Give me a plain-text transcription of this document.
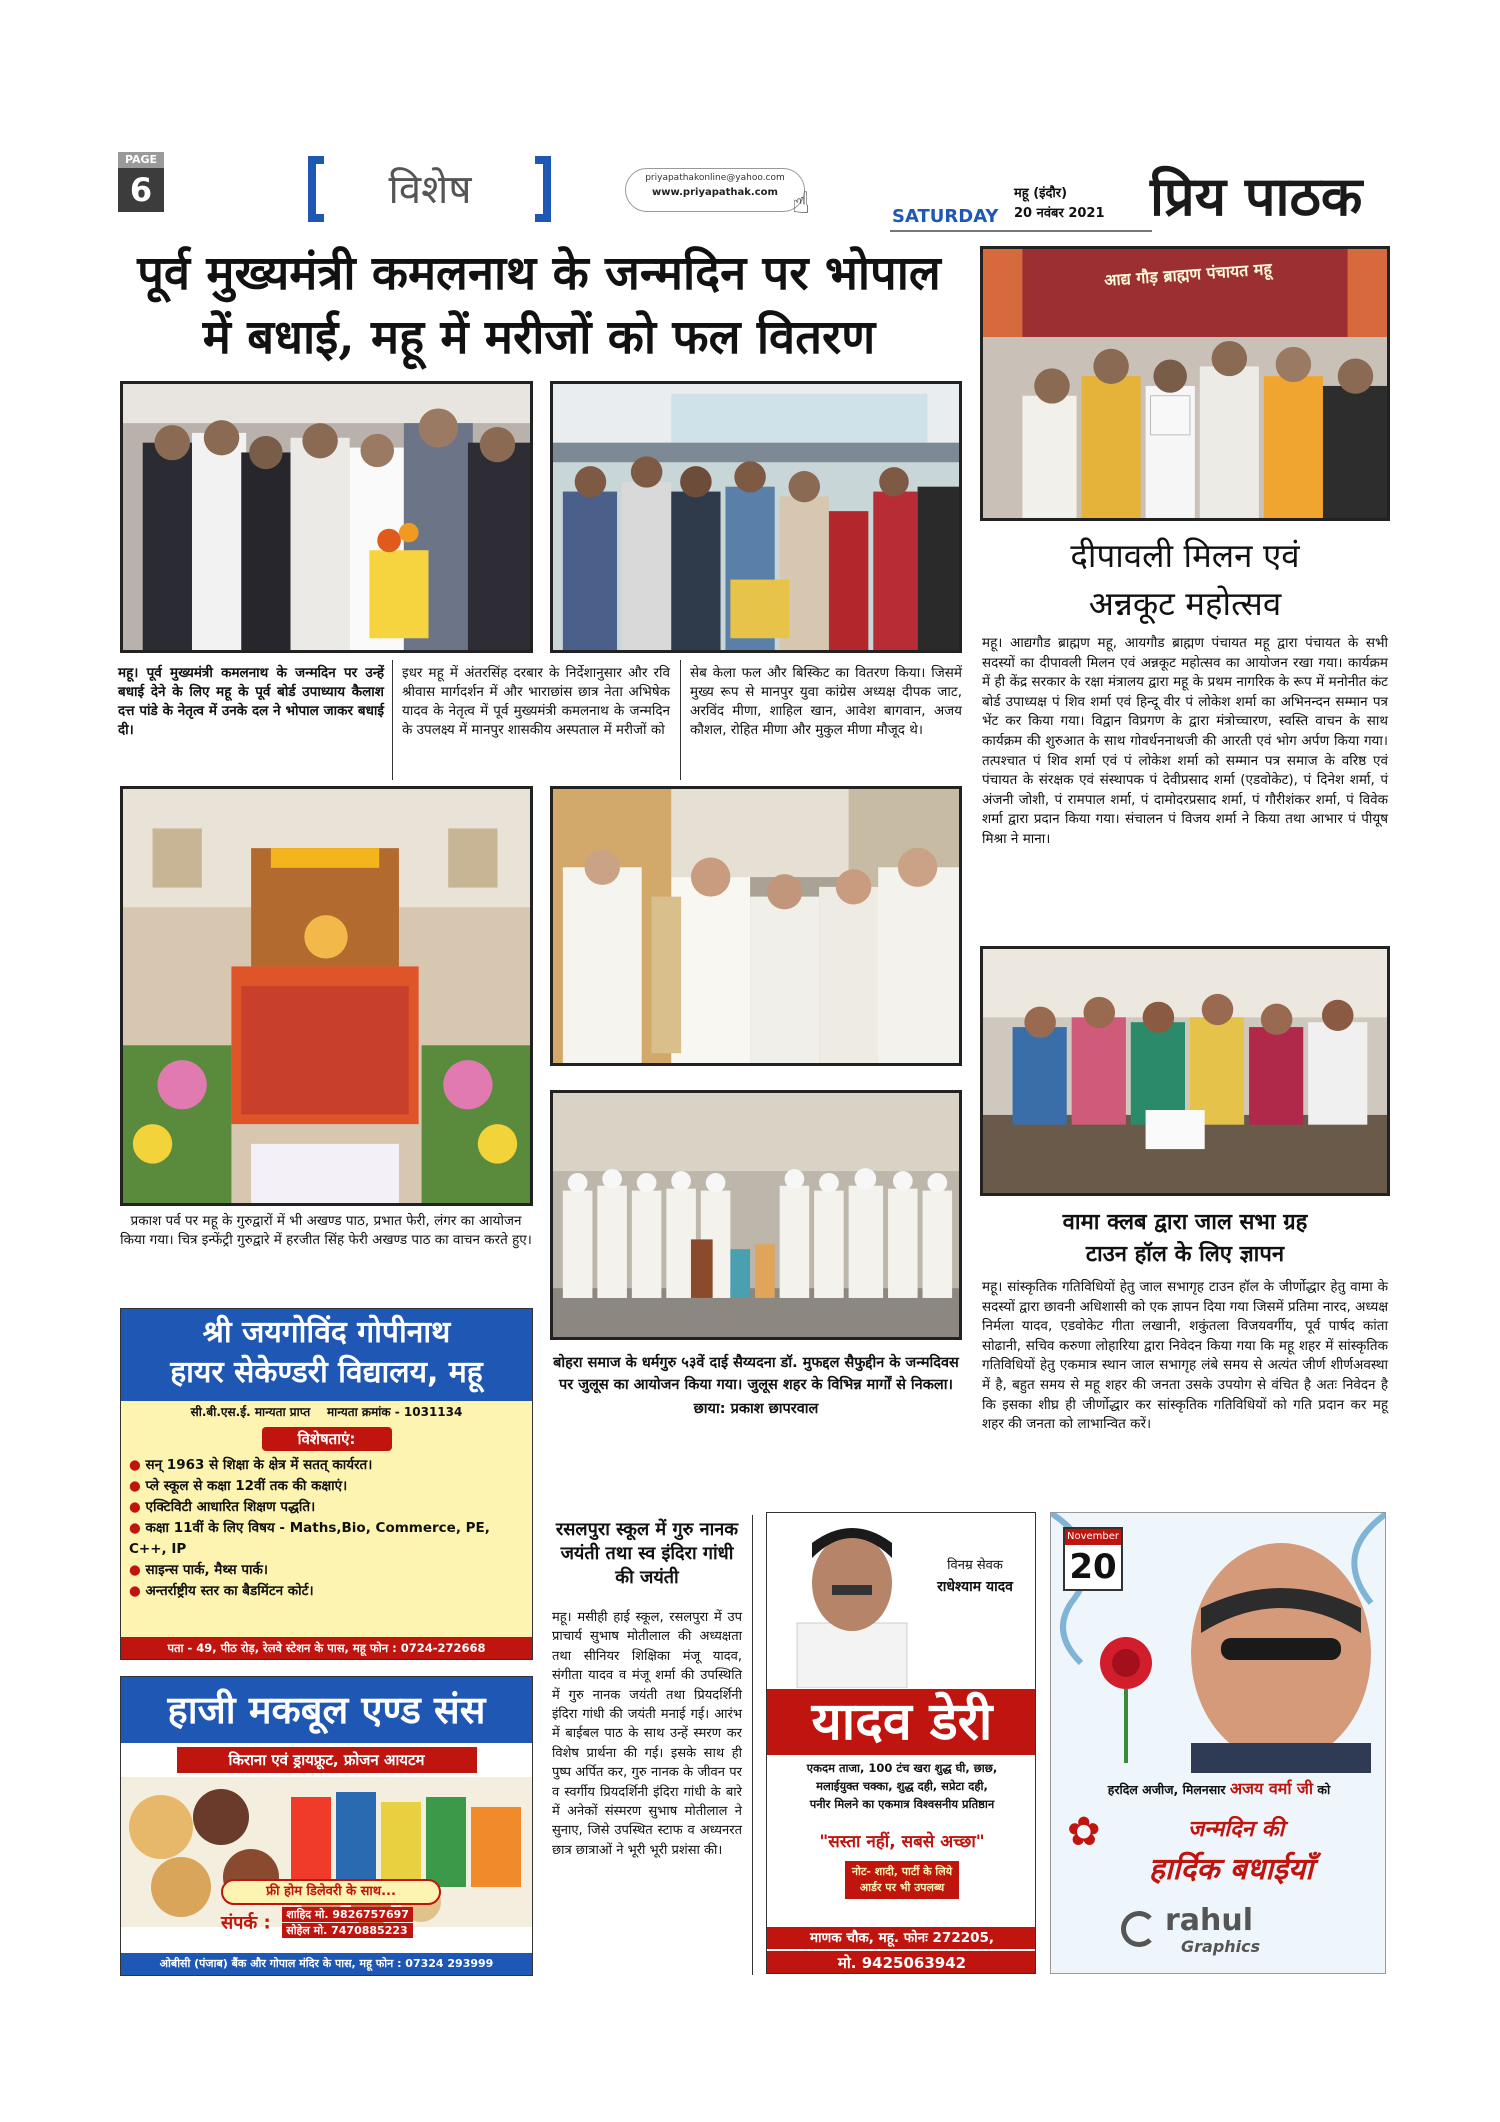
PAGE
6	विशेष	priyapathakonline@yahoo.com
www.priyapathak.com ☝	SATURDAY
महू (इंदौर)
20 नवंबर 2021 प्रिय पाठक
पूर्व मुख्यमंत्री कमलनाथ के जन्मदिन पर भोपाल
में बधाई, महू में मरीजों को फल वितरण
महू। पूर्व मुख्यमंत्री कमलनाथ के जन्मदिन पर उन्हें बधाई देने के लिए महू के पूर्व बोर्ड उपाध्याय कैलाश दत्त पांडे के नेतृत्व में उनके दल ने भोपाल जाकर बधाई दी।
इधर महू में अंतरसिंह दरबार के निर्देशानुसार और रवि श्रीवास मार्गदर्शन में और भाराछांस छात्र नेता अभिषेक यादव के नेतृत्व में पूर्व मुख्यमंत्री कमलनाथ के जन्मदिन के उपलक्ष्य में मानपुर शासकीय अस्पताल में मरीजों को
सेब केला फल और बिस्किट का वितरण किया। जिसमें मुख्य रूप से मानपुर युवा कांग्रेस अध्यक्ष दीपक जाट, अरविंद मीणा, शाहिल खान, आवेश बागवान, अजय कौशल, रोहित मीणा और मुकुल मीणा मौजूद थे।
आद्य गौड़ ब्राह्मण पंचायत महू
दीपावली मिलन एवं
अन्नकूट महोत्सव
महू। आद्यगौड ब्राह्मण महू, आयगौड ब्राह्मण पंचायत महू द्वारा पंचायत के सभी सदस्यों का दीपावली मिलन एवं अन्नकूट महोत्सव का आयोजन रखा गया। कार्यक्रम में ही केंद्र सरकार के रक्षा मंत्रालय द्वारा महू के प्रथम नागरिक के रूप में मनोनीत कंट बोर्ड उपाध्यक्ष पं शिव शर्मा एवं हिन्दू वीर पं लोकेश शर्मा का अभिनन्दन सम्मान पत्र भेंट कर किया गया। विद्वान विप्रगण के द्वारा मंत्रोच्चारण, स्वस्ति वाचन के साथ कार्यक्रम की शुरुआत के साथ गोवर्धननाथजी की आरती एवं भोग अर्पण किया गया। तत्पश्चात पं शिव शर्मा एवं पं लोकेश शर्मा को सम्मान पत्र समाज के वरिष्ठ एवं पंचायत के संरक्षक एवं संस्थापक पं देवीप्रसाद शर्मा (एडवोकेट), पं दिनेश शर्मा, पं अंजनी जोशी, पं रामपाल शर्मा, पं दामोदरप्रसाद शर्मा, पं गौरीशंकर शर्मा, पं विवेक शर्मा द्वारा प्रदान किया गया। संचालन पं विजय शर्मा ने किया तथा आभार पं पीयूष मिश्रा ने माना।
प्रकाश पर्व पर महू के गुरुद्वारों में भी अखण्ड पाठ, प्रभात फेरी, लंगर का आयोजन किया गया। चित्र इन्फेंट्री गुरुद्वारे में हरजीत सिंह फेरी अखण्ड पाठ का वाचन करते हुए।
बोहरा समाज के धर्मगुरु ५३वें दाई सैय्यदना डॉ. मुफद्दल सैफुद्दीन के जन्मदिवस पर जुलूस का आयोजन किया गया। जुलूस शहर के विभिन्न मार्गों से निकला।
छाया: प्रकाश छापरवाल
वामा क्लब द्वारा जाल सभा ग्रह
टाउन हॉल के लिए ज्ञापन
महू। सांस्कृतिक गतिविधियों हेतु जाल सभागृह टाउन हॉल के जीर्णोद्धार हेतु वामा के सदस्यों द्वारा छावनी अधिशासी को एक ज्ञापन दिया गया जिसमें प्रतिमा नारद, अध्यक्ष निर्मला यादव, एडवोकेट गीता लखानी, शकुंतला विजयवर्गीय, पूर्व पार्षद कांता सोढानी, सचिव करुणा लोहारिया द्वारा निवेदन किया गया कि महू शहर में सांस्कृतिक गतिविधियों हेतु एकमात्र स्थान जाल सभागृह लंबे समय से अत्यंत जीर्ण शीर्णअवस्था में है, बहुत समय से महू शहर की जनता उसके उपयोग से वंचित है अतः निवेदन है कि इसका शीघ्र ही जीर्णोद्धार कर सांस्कृतिक गतिविधियों को गति प्रदान कर महू शहर की जनता को लाभान्वित करें।
श्री जयगोविंद गोपीनाथ
हायर सेकेण्डरी विद्यालय, महू
सी.बी.एस.ई. मान्यता प्राप्त    मान्यता क्रमांक - 1031134
विशेषताएं:
● सन् 1963 से शिक्षा के क्षेत्र में सतत् कार्यरत।
● प्ले स्कूल से कक्षा 12वीं तक की कक्षाएं।
● एक्टिविटी आधारित शिक्षण पद्धति।
● कक्षा 11वीं के लिए विषय - Maths,Bio, Commerce, PE, C++, IP
● साइन्स पार्क, मैथ्स पार्क।
● अन्तर्राष्ट्रीय स्तर का बैडमिंटन कोर्ट।
पता - 49, पीठ रोड़, रेलवे स्टेशन के पास, महू फोन : 0724-272668
हाजी मकबूल एण्ड संस
किराना एवं ड्रायफ्रूट, फ्रोजन आयटम
फ्री होम डिलेवरी के साथ...
संपर्क :	शाहिद मो. 9826757697
सोहेल मो. 7470885223
ओबीसी (पंजाब) बैंक और गोपाल मंदिर के पास, महू फोन : 07324 293999
रसलपुरा स्कूल में गुरु नानक जयंती तथा स्व इंदिरा गांधी की जयंती
महू। मसीही हाई स्कूल, रसलपुरा में उप प्राचार्य सुभाष मोतीलाल की अध्यक्षता तथा सीनियर शिक्षिका मंजू यादव, संगीता यादव व मंजू शर्मा की उपस्थिति में गुरु नानक जयंती तथा प्रियदर्शिनी इंदिरा गांधी की जयंती मनाई गई। आरंभ में बाईबल पाठ के साथ उन्हें स्मरण कर विशेष प्रार्थना की गई। इसके साथ ही पुष्प अर्पित कर, गुरु नानक के जीवन पर व स्वर्गीय प्रियदर्शिनी इंदिरा गांधी के बारे में अनेकों संस्मरण सुभाष मोतीलाल ने सुनाए, जिसे उपस्थित स्टाफ व अध्यनरत छात्र छात्राओं ने भूरी भूरी प्रशंसा की।
विनम्र सेवक
राधेश्याम यादव
यादव डेरी
एकदम ताजा, 100 टंच खरा शुद्ध घी, छाछ,
मलाईयुक्त चक्का, शुद्ध दही, सप्रेटा दही,
पनीर मिलने का एकमात्र विश्वसनीय प्रतिष्ठान
"सस्ता नहीं, सबसे अच्छा"
नोट- शादी, पार्टी के लिये आर्डर पर भी उपलब्ध
माणक चौक, महू. फोनः 272205,
मो. 9425063942
November
20
हरदिल अजीज, मिलनसार अजय वर्मा जी को
✿	जन्मदिन की
हार्दिक बधाईयाँ
rahul
Graphics
